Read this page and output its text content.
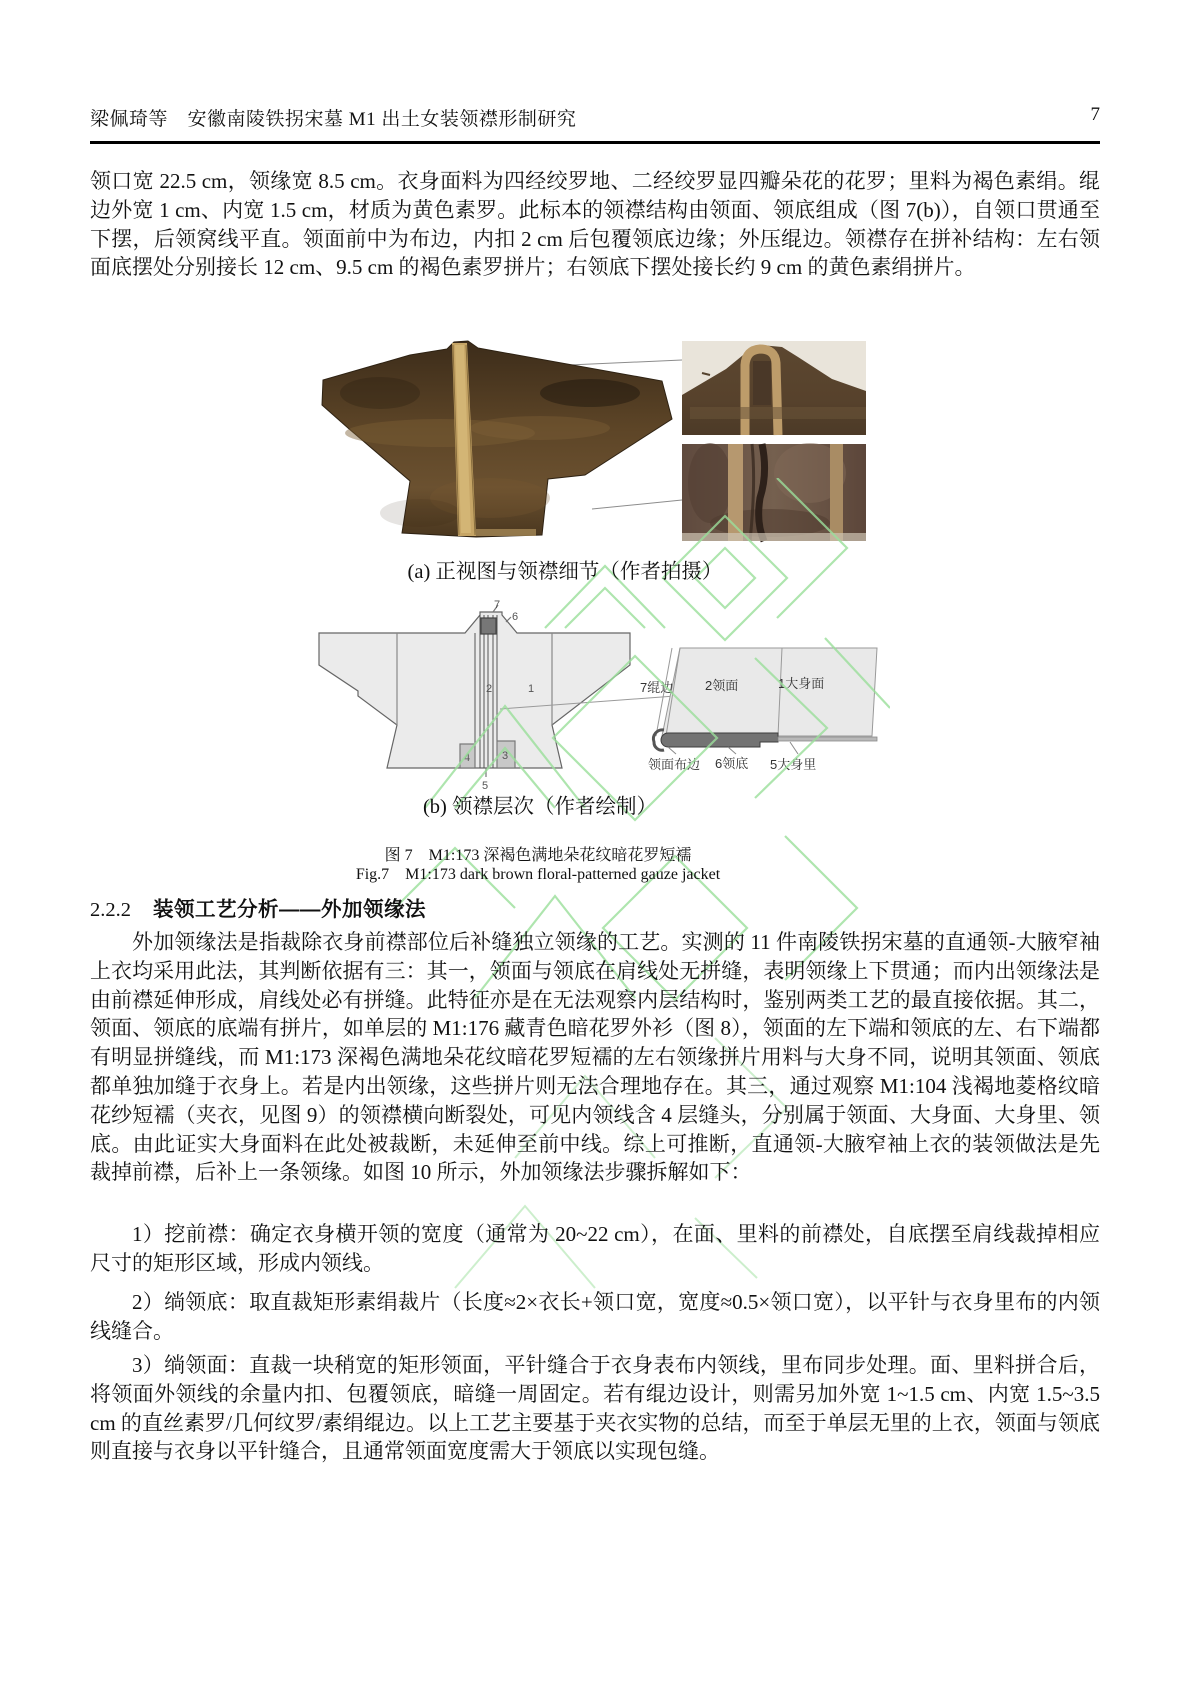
梁佩琦等　安徽南陵铁拐宋墓 M1 出土女装领襟形制研究	7
领口宽 22.5 cm，领缘宽 8.5 cm。衣身面料为四经绞罗地、二经绞罗显四瓣朵花的花罗；里料为褐色素绢。绲边外宽 1 cm、内宽 1.5 cm，材质为黄色素罗。此标本的领襟结构由领面、领底组成（图 7(b)），自领口贯通至下摆，后领窝线平直。领面前中为布边，内扣 2 cm 后包覆领底边缘；外压绲边。领襟存在拼补结构：左右领面底摆处分别接长 12 cm、9.5 cm 的褐色素罗拼片；右领底下摆处接长约 9 cm 的黄色素绢拼片。
(a) 正视图与领襟细节（作者拍摄）
7
6
2	1
4	3
5
7绲边 2领面	1大身面
领面布边 6领底 5大身里
(b) 领襟层次（作者绘制）
图 7　M1:173 深褐色满地朵花纹暗花罗短襦
Fig.7　M1:173 dark brown floral-patterned gauze jacket
2.2.2 装领工艺分析——外加领缘法
外加领缘法是指裁除衣身前襟部位后补缝独立领缘的工艺。实测的 11 件南陵铁拐宋墓的直通领-大腋窄袖上衣均采用此法，其判断依据有三：其一，领面与领底在肩线处无拼缝，表明领缘上下贯通；而内出领缘法是由前襟延伸形成，肩线处必有拼缝。此特征亦是在无法观察内层结构时，鉴别两类工艺的最直接依据。其二，领面、领底的底端有拼片，如单层的 M1:176 藏青色暗花罗外衫（图 8），领面的左下端和领底的左、右下端都有明显拼缝线，而 M1:173 深褐色满地朵花纹暗花罗短襦的左右领缘拼片用料与大身不同，说明其领面、领底都单独加缝于衣身上。若是内出领缘，这些拼片则无法合理地存在。其三，通过观察 M1:104 浅褐地菱格纹暗花纱短襦（夹衣，见图 9）的领襟横向断裂处，可见内领线含 4 层缝头，分别属于领面、大身面、大身里、领底。由此证实大身面料在此处被裁断，未延伸至前中线。综上可推断，直通领-大腋窄袖上衣的装领做法是先裁掉前襟，后补上一条领缘。如图 10 所示，外加领缘法步骤拆解如下：
1）挖前襟：确定衣身横开领的宽度（通常为 20~22 cm），在面、里料的前襟处，自底摆至肩线裁掉相应尺寸的矩形区域，形成内领线。
2）绱领底：取直裁矩形素绢裁片（长度≈2×衣长+领口宽，宽度≈0.5×领口宽），以平针与衣身里布的内领线缝合。
3）绱领面：直裁一块稍宽的矩形领面，平针缝合于衣身表布内领线，里布同步处理。面、里料拼合后，将领面外领线的余量内扣、包覆领底，暗缝一周固定。若有绲边设计，则需另加外宽 1~1.5 cm、内宽 1.5~3.5 cm 的直丝素罗/几何纹罗/素绢绲边。以上工艺主要基于夹衣实物的总结，而至于单层无里的上衣，领面与领底则直接与衣身以平针缝合，且通常领面宽度需大于领底以实现包缝。
